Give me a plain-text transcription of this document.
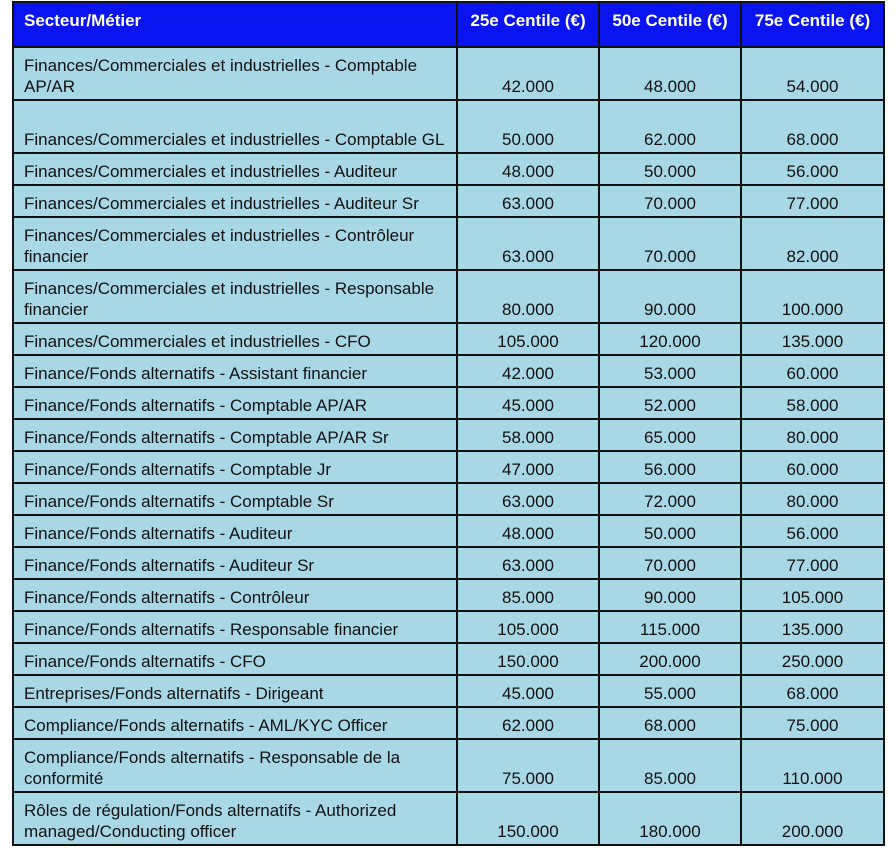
Secteur/Métier	25e Centile (€)	50e Centile (€)	75e Centile (€)
Finances/Commerciales et industrielles - Comptable AP/AR	42.000	48.000	54.000
Finances/Commerciales et industrielles - Comptable GL	50.000	62.000	68.000
Finances/Commerciales et industrielles - Auditeur	48.000	50.000	56.000
Finances/Commerciales et industrielles - Auditeur Sr	63.000	70.000	77.000
Finances/Commerciales et industrielles - Contrôleur financier	63.000	70.000	82.000
Finances/Commerciales et industrielles - Responsable financier	80.000	90.000	100.000
Finances/Commerciales et industrielles - CFO	105.000	120.000	135.000
Finance/Fonds alternatifs - Assistant financier	42.000	53.000	60.000
Finance/Fonds alternatifs - Comptable AP/AR	45.000	52.000	58.000
Finance/Fonds alternatifs - Comptable AP/AR Sr	58.000	65.000	80.000
Finance/Fonds alternatifs - Comptable Jr	47.000	56.000	60.000
Finance/Fonds alternatifs - Comptable Sr	63.000	72.000	80.000
Finance/Fonds alternatifs - Auditeur	48.000	50.000	56.000
Finance/Fonds alternatifs - Auditeur Sr	63.000	70.000	77.000
Finance/Fonds alternatifs - Contrôleur	85.000	90.000	105.000
Finance/Fonds alternatifs - Responsable financier	105.000	115.000	135.000
Finance/Fonds alternatifs - CFO	150.000	200.000	250.000
Entreprises/Fonds alternatifs - Dirigeant	45.000	55.000	68.000
Compliance/Fonds alternatifs - AML/KYC Officer	62.000	68.000	75.000
Compliance/Fonds alternatifs - Responsable de la conformité	75.000	85.000	110.000
Rôles de régulation/Fonds alternatifs - Authorized managed/Conducting officer	150.000	180.000	200.000
